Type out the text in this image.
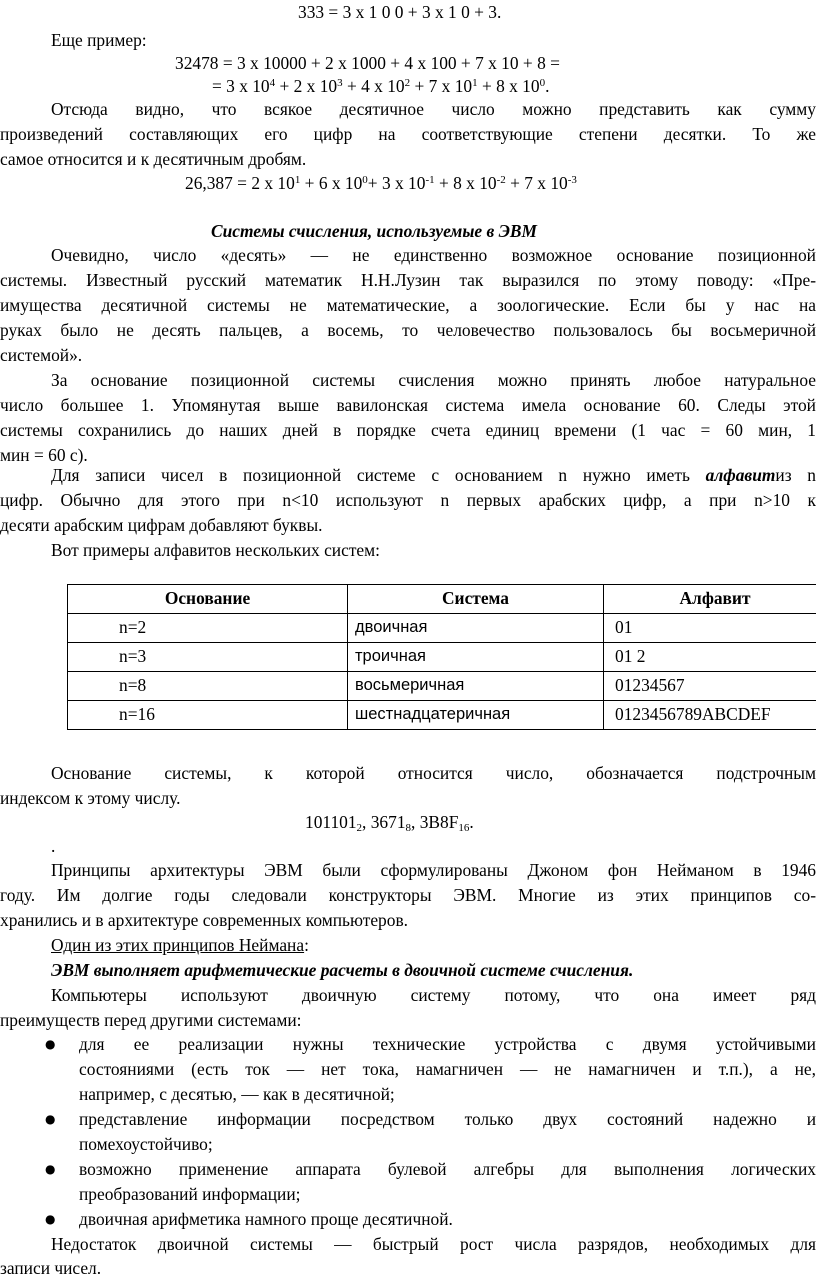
333 = 3 x 1 0 0 + 3 x 1 0 + 3.
Еще пример:
32478 = 3 x 10000 + 2 x 1000 + 4 x 100 + 7 x 10 + 8 =
= 3 x $10^4 + 2$ x $10^3 + 4$ x $10^2 + 7$ x $10^1 + 8$ x $10^0$.
Отсюда видно, что всякое десятичное число можно представить как сумму
произведений составляющих его цифр на соответствующие степени десятки. То же
самое относится и к десятичным дробям.
26,387 = 2 x $10^1 + 6$ x $10^0+ 3$ x $10^{-1} + 8$ x $10^{-2} + 7$ x $10^{-3}$
Системы счисления, используемые в ЭВМ
Очевидно, число «десять» — не единственно возможное основание позиционной
системы. Известный русский математик Н.Н.Лузин так выразился по этому поводу: «Пре-
имущества десятичной системы не математические, а зоологические. Если бы у нас на
руках было не десять пальцев, а восемь, то человечество пользовалось бы восьмеричной
системой».
За основание позиционной системы счисления можно принять любое натуральное
число большее 1. Упомянутая выше вавилонская система имела основание 60. Следы этой
системы сохранились до наших дней в порядке счета единиц времени (1 час = 60 мин, 1
мин = 60 с).
Для записи чисел в позиционной системе с основанием n нужно иметь алфавитиз n
цифр. Обычно для этого при n<10 используют n первых арабских цифр, а при n>10 к
десяти арабским цифрам добавляют буквы.
Вот примеры алфавитов нескольких систем:
Основание	Система	Алфавит
n=2	двоичная	01
n=3	троичная	01 2
n=8	восьмеричная	01234567
n=16	шестнадцатеричная	0123456789ABCDEF
Основание системы, к которой относится число, обозначается подстрочным
индексом к этому числу.
$101101_2$, $3671_8$, $3B8F_{16}$.
.
Принципы архитектуры ЭВМ были сформулированы Джоном фон Нейманом в 1946
году. Им долгие годы следовали конструкторы ЭВМ. Многие из этих принципов со-
хранились и в архитектуре современных компьютеров.
Один из этих принципов Неймана:
ЭВМ выполняет арифметические расчеты в двоичной системе счисления.
Компьютеры используют двоичную систему потому, что она имеет ряд
преимуществ перед другими системами:
● для ее реализации нужны технические устройства с двумя устойчивыми
состояниями (есть ток — нет тока, намагничен — не намагничен и т.п.), а не,
например, с десятью, — как в десятичной;
● представление информации посредством только двух состояний надежно и
помехоустойчиво;
● возможно применение аппарата булевой алгебры для выполнения логических
преобразований информации;
● двоичная арифметика намного проще десятичной.
Недостаток двоичной системы — быстрый рост числа разрядов, необходимых для
записи чисел.
